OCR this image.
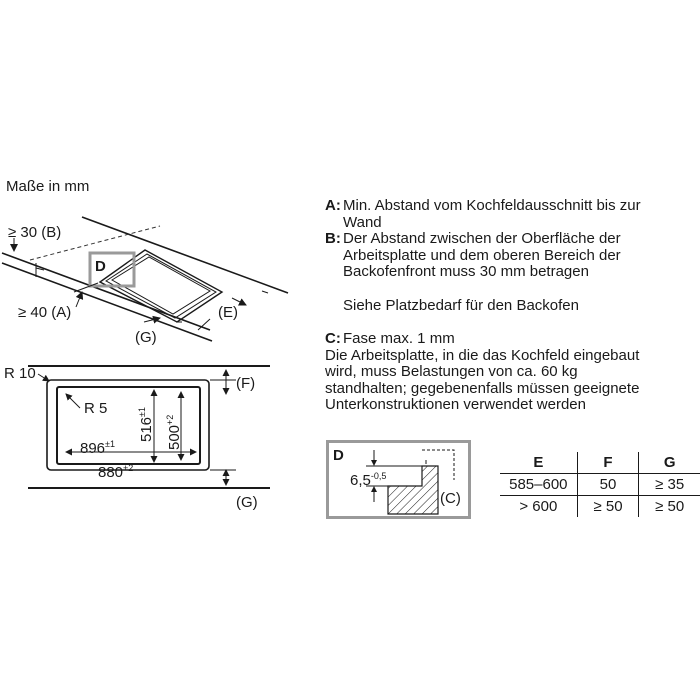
Maße in mm
≥ 30 (B)
≥ 40 (A)
D
(G)
(E)
R 10
R 5
$896^{\pm 1}$
$880^{+2}$
$516^{\pm 1}$
$500^{+2}$
(F)
(G)
D
$6,5^{-0,5}$
(C)
A: Min. Abstand vom Kochfeldausschnitt bis zur
Wand
B: Der Abstand zwischen der Oberfläche der
Arbeitsplatte und dem oberen Bereich der
Backofenfront muss 30 mm betragen
Siehe Platzbedarf für den Backofen
C: Fase max. 1 mm
Die Arbeitsplatte, in die das Kochfeld eingebaut
wird, muss Belastungen von ca. 60 kg
standhalten; gegebenenfalls müssen geeignete
Unterkonstruktionen verwendet werden
E	F	G
585–600	50	≥ 35
> 600	≥ 50	≥ 50
